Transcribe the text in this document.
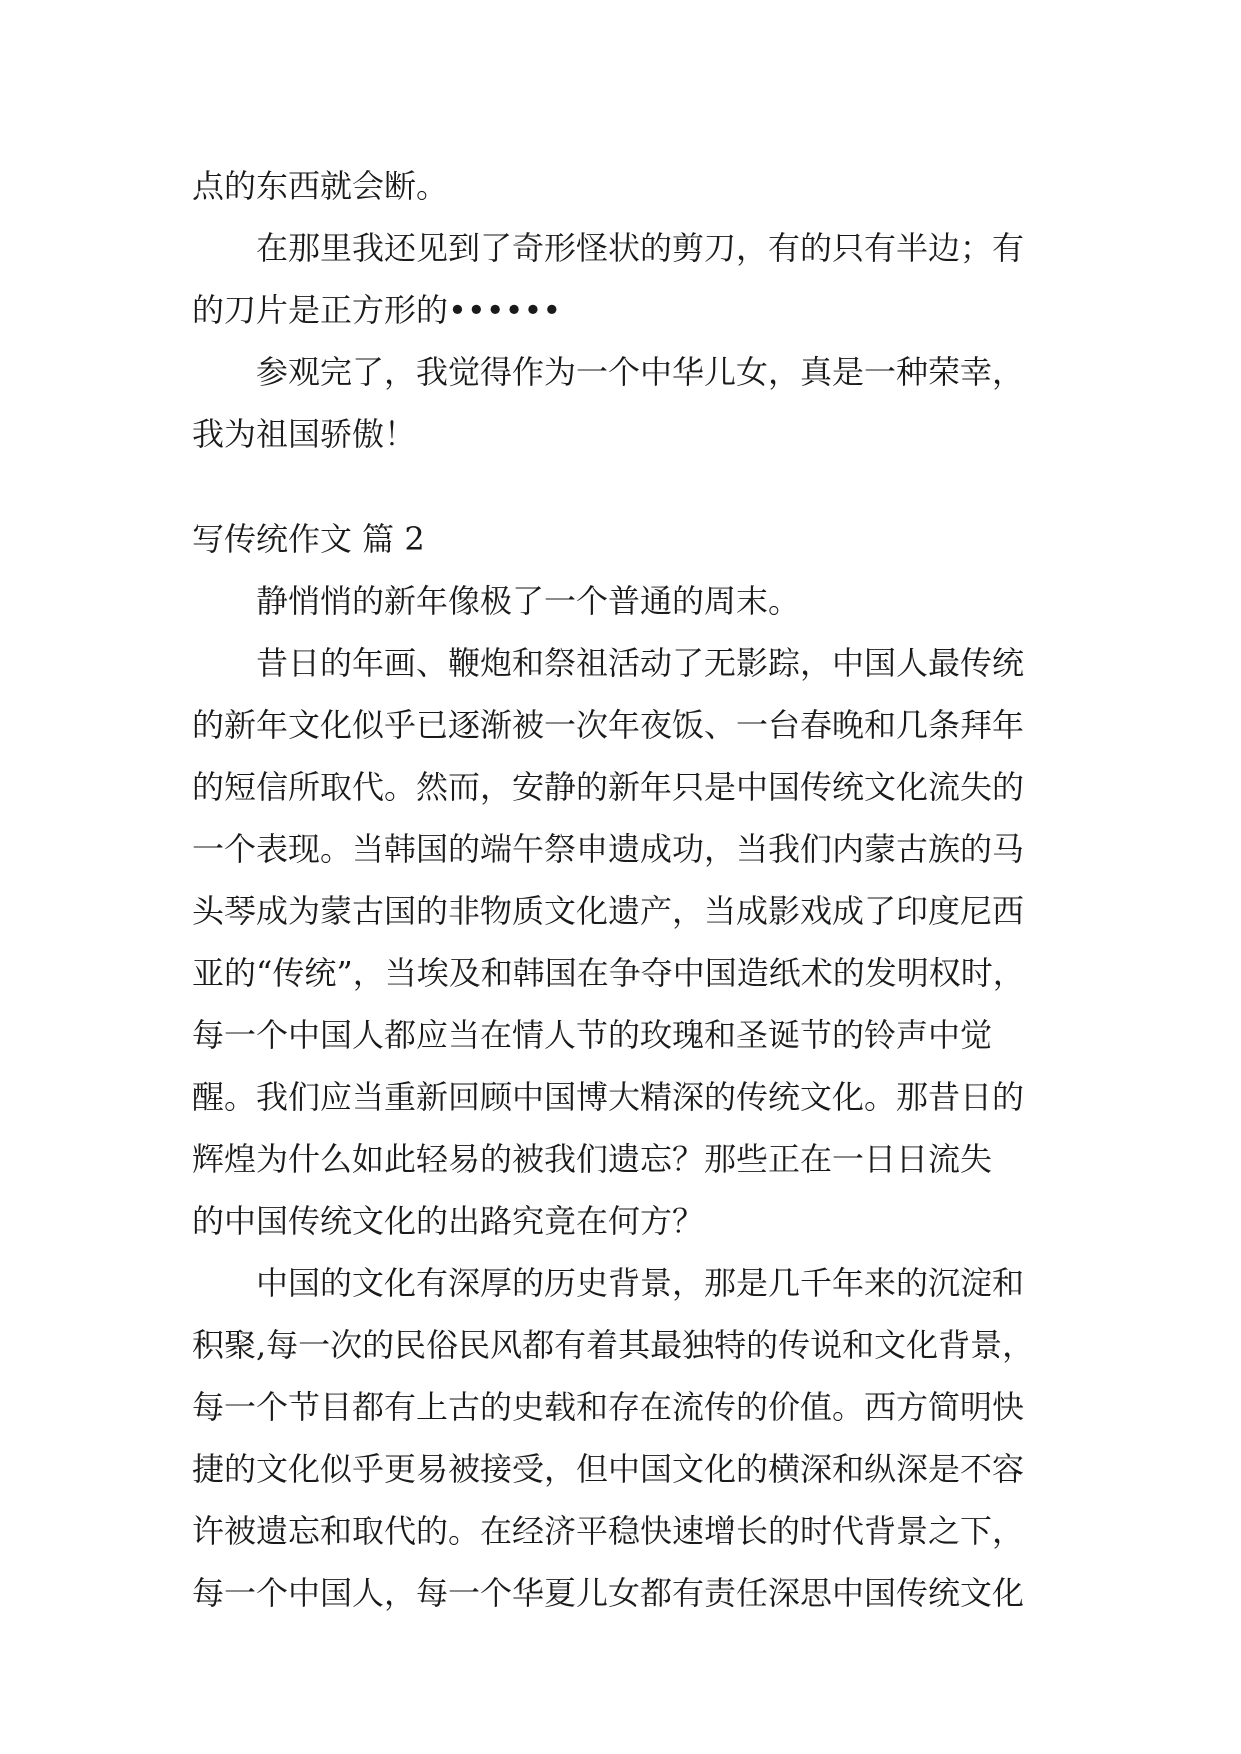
点的东西就会断。
在那里我还见到了奇形怪状的剪刀，有的只有半边；有
的刀片是正方形的••••••
参观完了，我觉得作为一个中华儿女，真是一种荣幸，
我为祖国骄傲！
写传统作文 篇 2
静悄悄的新年像极了一个普通的周末。
昔日的年画、鞭炮和祭祖活动了无影踪，中国人最传统
的新年文化似乎已逐渐被一次年夜饭、一台春晚和几条拜年
的短信所取代。然而，安静的新年只是中国传统文化流失的
一个表现。当韩国的端午祭申遗成功，当我们内蒙古族的马
头琴成为蒙古国的非物质文化遗产，当成影戏成了印度尼西
亚的“传统”，当埃及和韩国在争夺中国造纸术的发明权时，
每一个中国人都应当在情人节的玫瑰和圣诞节的铃声中觉
醒。我们应当重新回顾中国博大精深的传统文化。那昔日的
辉煌为什么如此轻易的被我们遗忘？那些正在一日日流失
的中国传统文化的出路究竟在何方？
中国的文化有深厚的历史背景，那是几千年来的沉淀和
积聚,每一次的民俗民风都有着其最独特的传说和文化背景，
每一个节目都有上古的史载和存在流传的价值。西方简明快
捷的文化似乎更易被接受，但中国文化的横深和纵深是不容
许被遗忘和取代的。在经济平稳快速增长的时代背景之下，
每一个中国人，每一个华夏儿女都有责任深思中国传统文化
